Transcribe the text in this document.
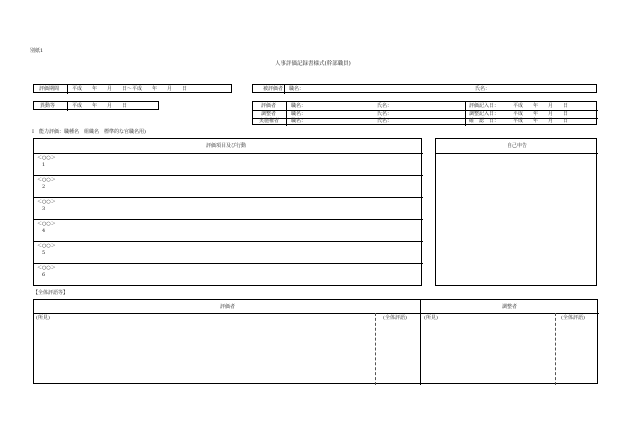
別紙1
人事評価記録書様式(幹部職員)
評価期間	平成　　年　　月　　日～平成　　年　　月　　日	被評価者 職名：	氏名：
異動等	平成　　年　　月　　日	評価者	職名：	氏名：	評価記入日：	平成　　年　　月　　日
調整者	職名：	氏名：	調整記入日：	平成　　年　　月　　日
実施権者 職名：	氏名：	確　認　日：	平成　　年　　月　　日
Ⅰ　能力評価：職種名　組織名　標準的な官職名用)
評価項目及び行動
＜○○＞
1
＜○○＞
2
＜○○＞
3
＜○○＞
4
＜○○＞
5
＜○○＞
6
自己申告
【全体評語等】
評価者	調整者
(所見)	(全体評語)	(所見)	(全体評語)
